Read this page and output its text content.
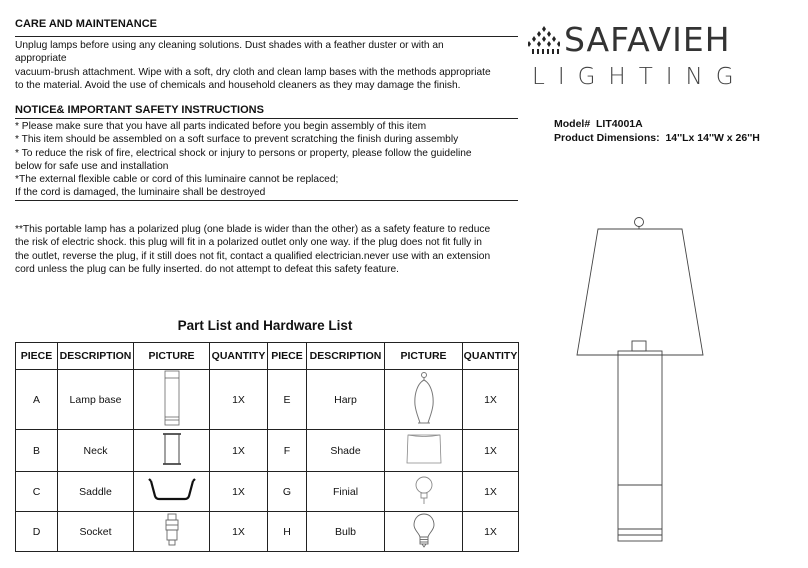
CARE AND MAINTENANCE
Unplug lamps before using any cleaning solutions. Dust shades with a feather duster or with an
appropriate
vacuum-brush attachment. Wipe with a soft, dry cloth and clean lamp bases with the methods appropriate
to the material. Avoid the use of chemicals and household cleaners as they may damage the finish.
NOTICE& IMPORTANT SAFETY INSTRUCTIONS
* Please make sure that you have all parts indicated before you begin assembly of this item
* This item should be assembled on a soft surface to prevent scratching the finish during assembly
* To reduce the risk of fire, electrical shock or injury to persons or property, please follow the guideline
below for safe use and installation
*The external flexible cable or cord of this luminaire cannot be replaced;
If the cord is damaged, the luminaire shall be destroyed
**This portable lamp has a polarized plug (one blade is wider than the other) as a safety feature to reduce
the risk of electric shock. this plug will fit in a polarized outlet only one way. if the plug does not fit fully in
the outlet, reverse the plug, if it still does not fit, contact a qualified electrician.never use with an extension
cord unless the plug can be fully inserted. do not attempt to defeat this safety feature.
SAFAVIEH
LIGHTING
Model# LIT4001A
Product Dimensions: 14''Lx 14''W x 26''H
Part List and Hardware List
PIECE	DESCRIPTION	PICTURE	QUANTITY	PIECE	DESCRIPTION	PICTURE	QUANTITY
A	Lamp base		1X	E	Harp		1X
B	Neck		1X	F	Shade		1X
C	Saddle		1X	G	Finial		1X
D	Socket		1X	H	Bulb		1X
